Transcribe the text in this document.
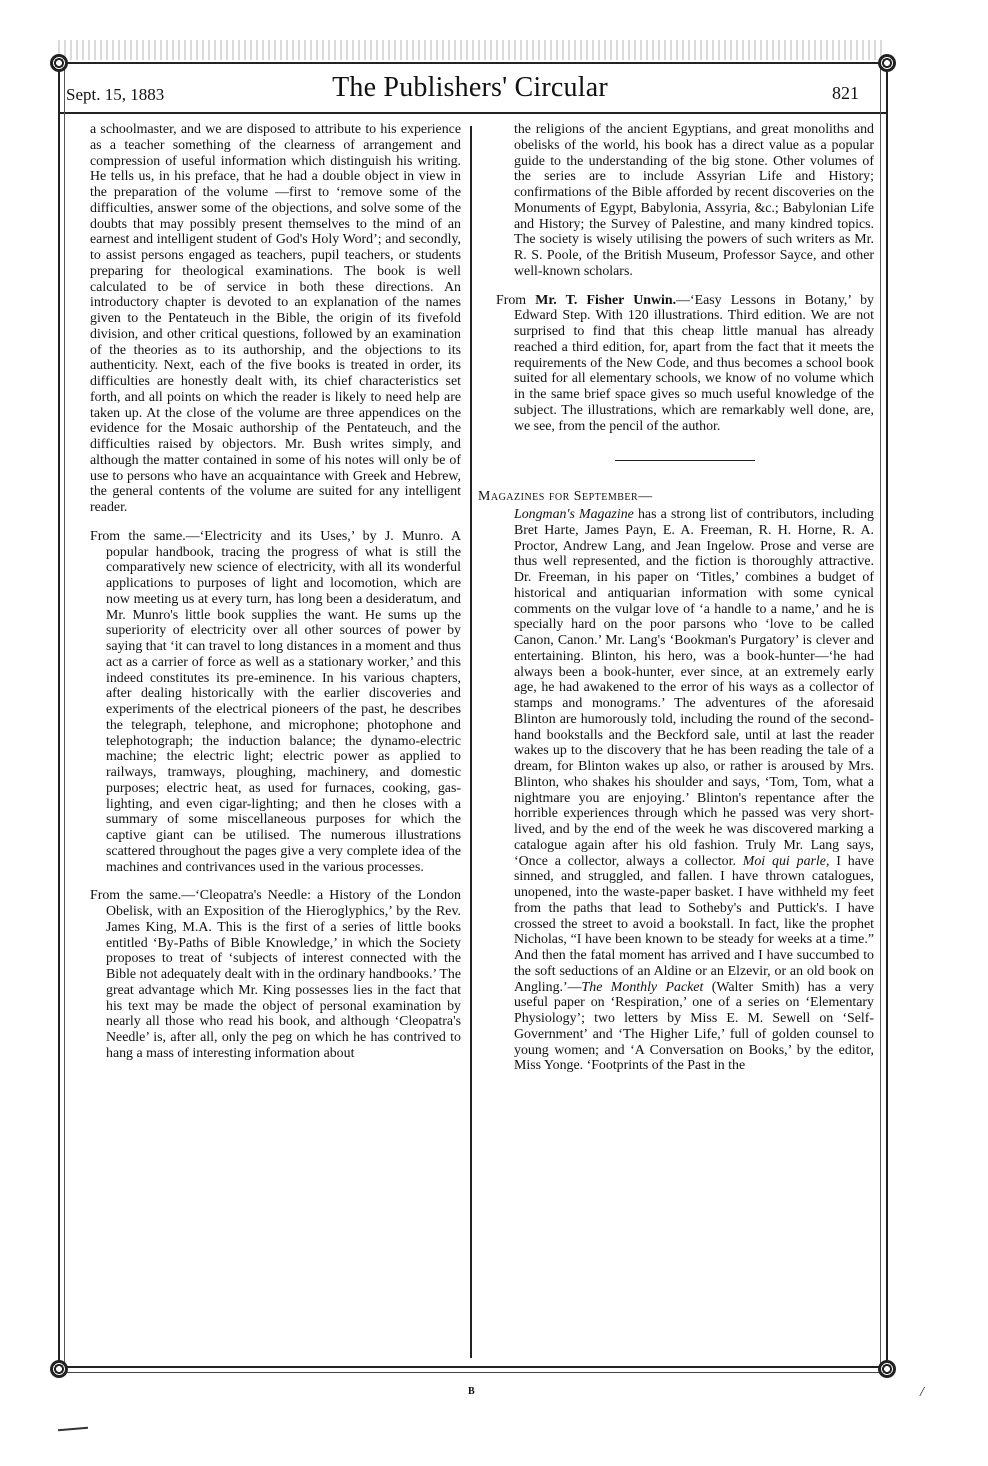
Sept. 15, 1883	The Publishers' Circular	821

a schoolmaster, and we are disposed to attribute to his experience as a teacher something of the clearness of arrangement and compression of useful information which distinguish his writing. He tells us, in his preface, that he had a double object in view in the preparation of the volume —first to ‘remove some of the difficulties, answer some of the objections, and solve some of the doubts that may possibly present themselves to the mind of an earnest and intelligent student of God's Holy Word’; and secondly, to assist persons engaged as teachers, pupil teachers, or students preparing for theological examinations. The book is well calculated to be of service in both these directions. An introductory chapter is devoted to an explanation of the names given to the Pentateuch in the Bible, the origin of its fivefold division, and other critical questions, followed by an examination of the theories as to its authorship, and the objections to its authenticity. Next, each of the five books is treated in order, its difficulties are honestly dealt with, its chief characteristics set forth, and all points on which the reader is likely to need help are taken up. At the close of the volume are three appendices on the evidence for the Mosaic authorship of the Pentateuch, and the difficulties raised by objectors. Mr. Bush writes simply, and although the matter contained in some of his notes will only be of use to persons who have an acquaintance with Greek and Hebrew, the general contents of the volume are suited for any intelligent reader.

From the same.—‘Electricity and its Uses,’ by J. Munro. A popular handbook, tracing the progress of what is still the comparatively new science of electricity, with all its wonderful applications to purposes of light and locomotion, which are now meeting us at every turn, has long been a desideratum, and Mr. Munro's little book supplies the want. He sums up the superiority of electricity over all other sources of power by saying that ‘it can travel to long distances in a moment and thus act as a carrier of force as well as a stationary worker,’ and this indeed constitutes its pre-eminence. In his various chapters, after dealing historically with the earlier discoveries and experiments of the electrical pioneers of the past, he describes the telegraph, telephone, and microphone; photophone and telephotograph; the induction balance; the dynamo-electric machine; the electric light; electric power as applied to railways, tramways, ploughing, machinery, and domestic purposes; electric heat, as used for furnaces, cooking, gas-lighting, and even cigar-lighting; and then he closes with a summary of some miscellaneous purposes for which the captive giant can be utilised. The numerous illustrations scattered throughout the pages give a very complete idea of the machines and contrivances used in the various processes.

From the same.—‘Cleopatra's Needle: a History of the London Obelisk, with an Exposition of the Hieroglyphics,’ by the Rev. James King, M.A. This is the first of a series of little books entitled ‘By-Paths of Bible Knowledge,’ in which the Society proposes to treat of ‘subjects of interest connected with the Bible not adequately dealt with in the ordinary handbooks.’ The great advantage which Mr. King possesses lies in the fact that his text may be made the object of personal examination by nearly all those who read his book, and although ‘Cleopatra's Needle’ is, after all, only the peg on which he has contrived to hang a mass of interesting information about

the religions of the ancient Egyptians, and great monoliths and obelisks of the world, his book has a direct value as a popular guide to the understanding of the big stone. Other volumes of the series are to include Assyrian Life and History; confirmations of the Bible afforded by recent discoveries on the Monuments of Egypt, Babylonia, Assyria, &c.; Babylonian Life and History; the Survey of Palestine, and many kindred topics. The society is wisely utilising the powers of such writers as Mr. R. S. Poole, of the British Museum, Professor Sayce, and other well-known scholars.

From Mr. T. Fisher Unwin.—‘Easy Lessons in Botany,’ by Edward Step. With 120 illustrations. Third edition. We are not surprised to find that this cheap little manual has already reached a third edition, for, apart from the fact that it meets the requirements of the New Code, and thus becomes a school book suited for all elementary schools, we know of no volume which in the same brief space gives so much useful knowledge of the subject. The illustrations, which are remarkably well done, are, we see, from the pencil of the author.

Magazines for September—

Longman's Magazine has a strong list of contributors, including Bret Harte, James Payn, E. A. Freeman, R. H. Horne, R. A. Proctor, Andrew Lang, and Jean Ingelow. Prose and verse are thus well represented, and the fiction is thoroughly attractive. Dr. Freeman, in his paper on ‘Titles,’ combines a budget of historical and antiquarian information with some cynical comments on the vulgar love of ‘a handle to a name,’ and he is specially hard on the poor parsons who ‘love to be called Canon, Canon.’ Mr. Lang's ‘Bookman's Purgatory’ is clever and entertaining. Blinton, his hero, was a book-hunter—‘he had always been a book-hunter, ever since, at an extremely early age, he had awakened to the error of his ways as a collector of stamps and monograms.’ The adventures of the aforesaid Blinton are humorously told, including the round of the second-hand bookstalls and the Beckford sale, until at last the reader wakes up to the discovery that he has been reading the tale of a dream, for Blinton wakes up also, or rather is aroused by Mrs. Blinton, who shakes his shoulder and says, ‘Tom, Tom, what a nightmare you are enjoying.’ Blinton's repentance after the horrible experiences through which he passed was very short-lived, and by the end of the week he was discovered marking a catalogue again after his old fashion. Truly Mr. Lang says, ‘Once a collector, always a collector. Moi qui parle, I have sinned, and struggled, and fallen. I have thrown catalogues, unopened, into the waste-paper basket. I have withheld my feet from the paths that lead to Sotheby's and Puttick's. I have crossed the street to avoid a bookstall. In fact, like the prophet Nicholas, “I have been known to be steady for weeks at a time.” And then the fatal moment has arrived and I have succumbed to the soft seductions of an Aldine or an Elzevir, or an old book on Angling.’—The Monthly Packet (Walter Smith) has a very useful paper on ‘Respiration,’ one of a series on ‘Elementary Physiology’; two letters by Miss E. M. Sewell on ‘Self-Government’ and ‘The Higher Life,’ full of golden counsel to young women; and ‘A Conversation on Books,’ by the editor, Miss Yonge. ‘Footprints of the Past in the

B	/
